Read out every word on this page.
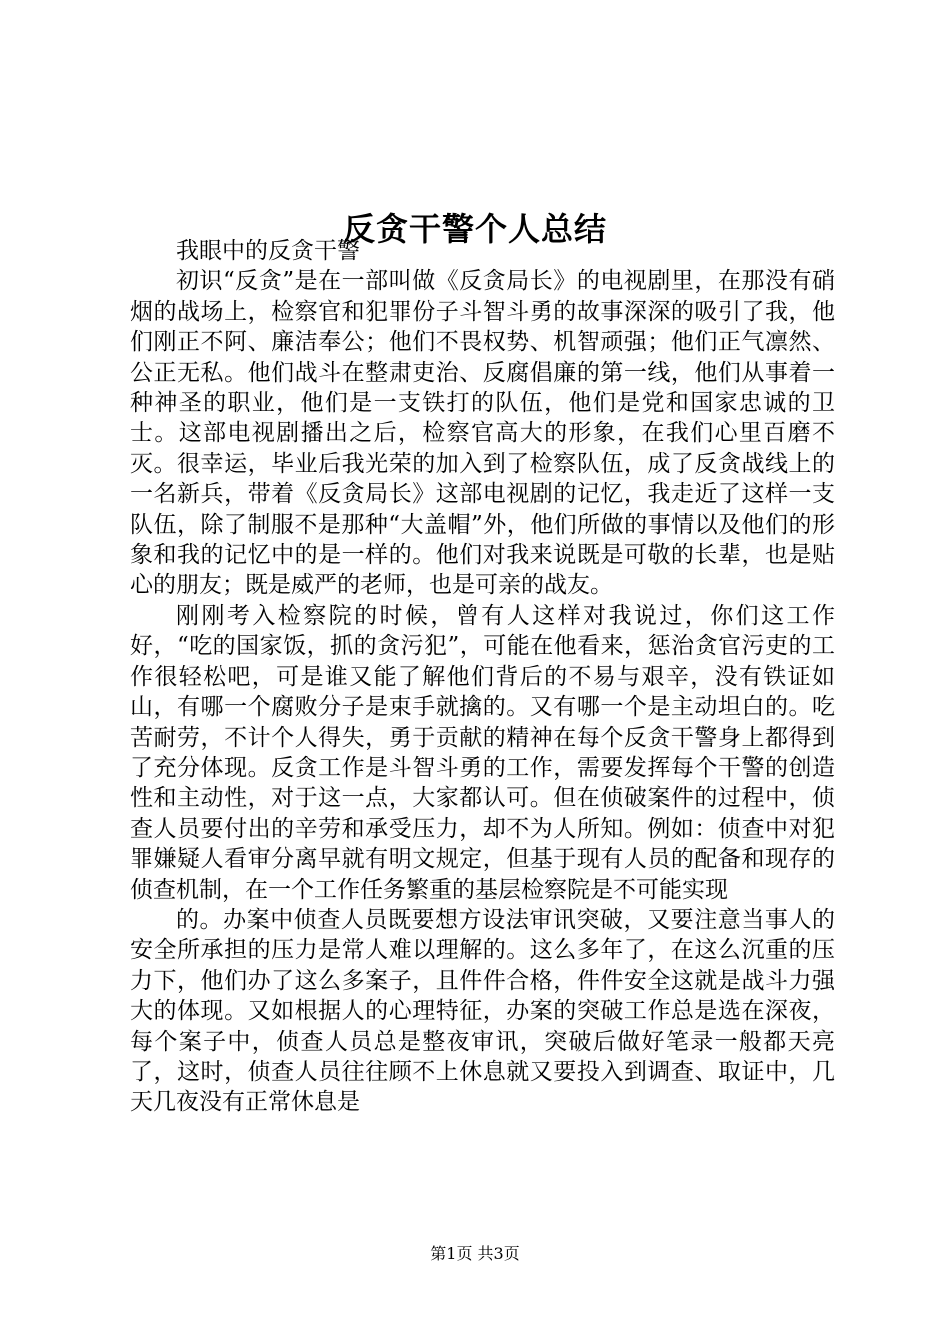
反贪干警个人总结

我眼中的反贪干警

初识“反贪”是在一部叫做《反贪局长》的电视剧里，在那没有硝烟的战场上，检察官和犯罪份子斗智斗勇的故事深深的吸引了我，他们刚正不阿、廉洁奉公；他们不畏权势、机智顽强；他们正气凛然、公正无私。他们战斗在整肃吏治、反腐倡廉的第一线，他们从事着一种神圣的职业，他们是一支铁打的队伍，他们是党和国家忠诚的卫士。这部电视剧播出之后，检察官高大的形象，在我们心里百磨不灭。很幸运，毕业后我光荣的加入到了检察队伍，成了反贪战线上的一名新兵，带着《反贪局长》这部电视剧的记忆，我走近了这样一支队伍，除了制服不是那种“大盖帽”外，他们所做的事情以及他们的形象和我的记忆中的是一样的。他们对我来说既是可敬的长辈，也是贴心的朋友；既是威严的老师，也是可亲的战友。

刚刚考入检察院的时候，曾有人这样对我说过，你们这工作好，“吃的国家饭，抓的贪污犯”，可能在他看来，惩治贪官污吏的工作很轻松吧，可是谁又能了解他们背后的不易与艰辛，没有铁证如山，有哪一个腐败分子是束手就擒的。又有哪一个是主动坦白的。吃苦耐劳，不计个人得失，勇于贡献的精神在每个反贪干警身上都得到了充分体现。反贪工作是斗智斗勇的工作，需要发挥每个干警的创造性和主动性，对于这一点，大家都认可。但在侦破案件的过程中，侦查人员要付出的辛劳和承受压力，却不为人所知。例如：侦查中对犯罪嫌疑人看审分离早就有明文规定，但基于现有人员的配备和现存的侦查机制，在一个工作任务繁重的基层检察院是不可能实现

的。办案中侦查人员既要想方设法审讯突破，又要注意当事人的安全所承担的压力是常人难以理解的。这么多年了，在这么沉重的压力下，他们办了这么多案子，且件件合格，件件安全这就是战斗力强大的体现。又如根据人的心理特征，办案的突破工作总是选在深夜，每个案子中，侦查人员总是整夜审讯，突破后做好笔录一般都天亮了，这时，侦查人员往往顾不上休息就又要投入到调查、取证中，几天几夜没有正常休息是

第1页 共3页
